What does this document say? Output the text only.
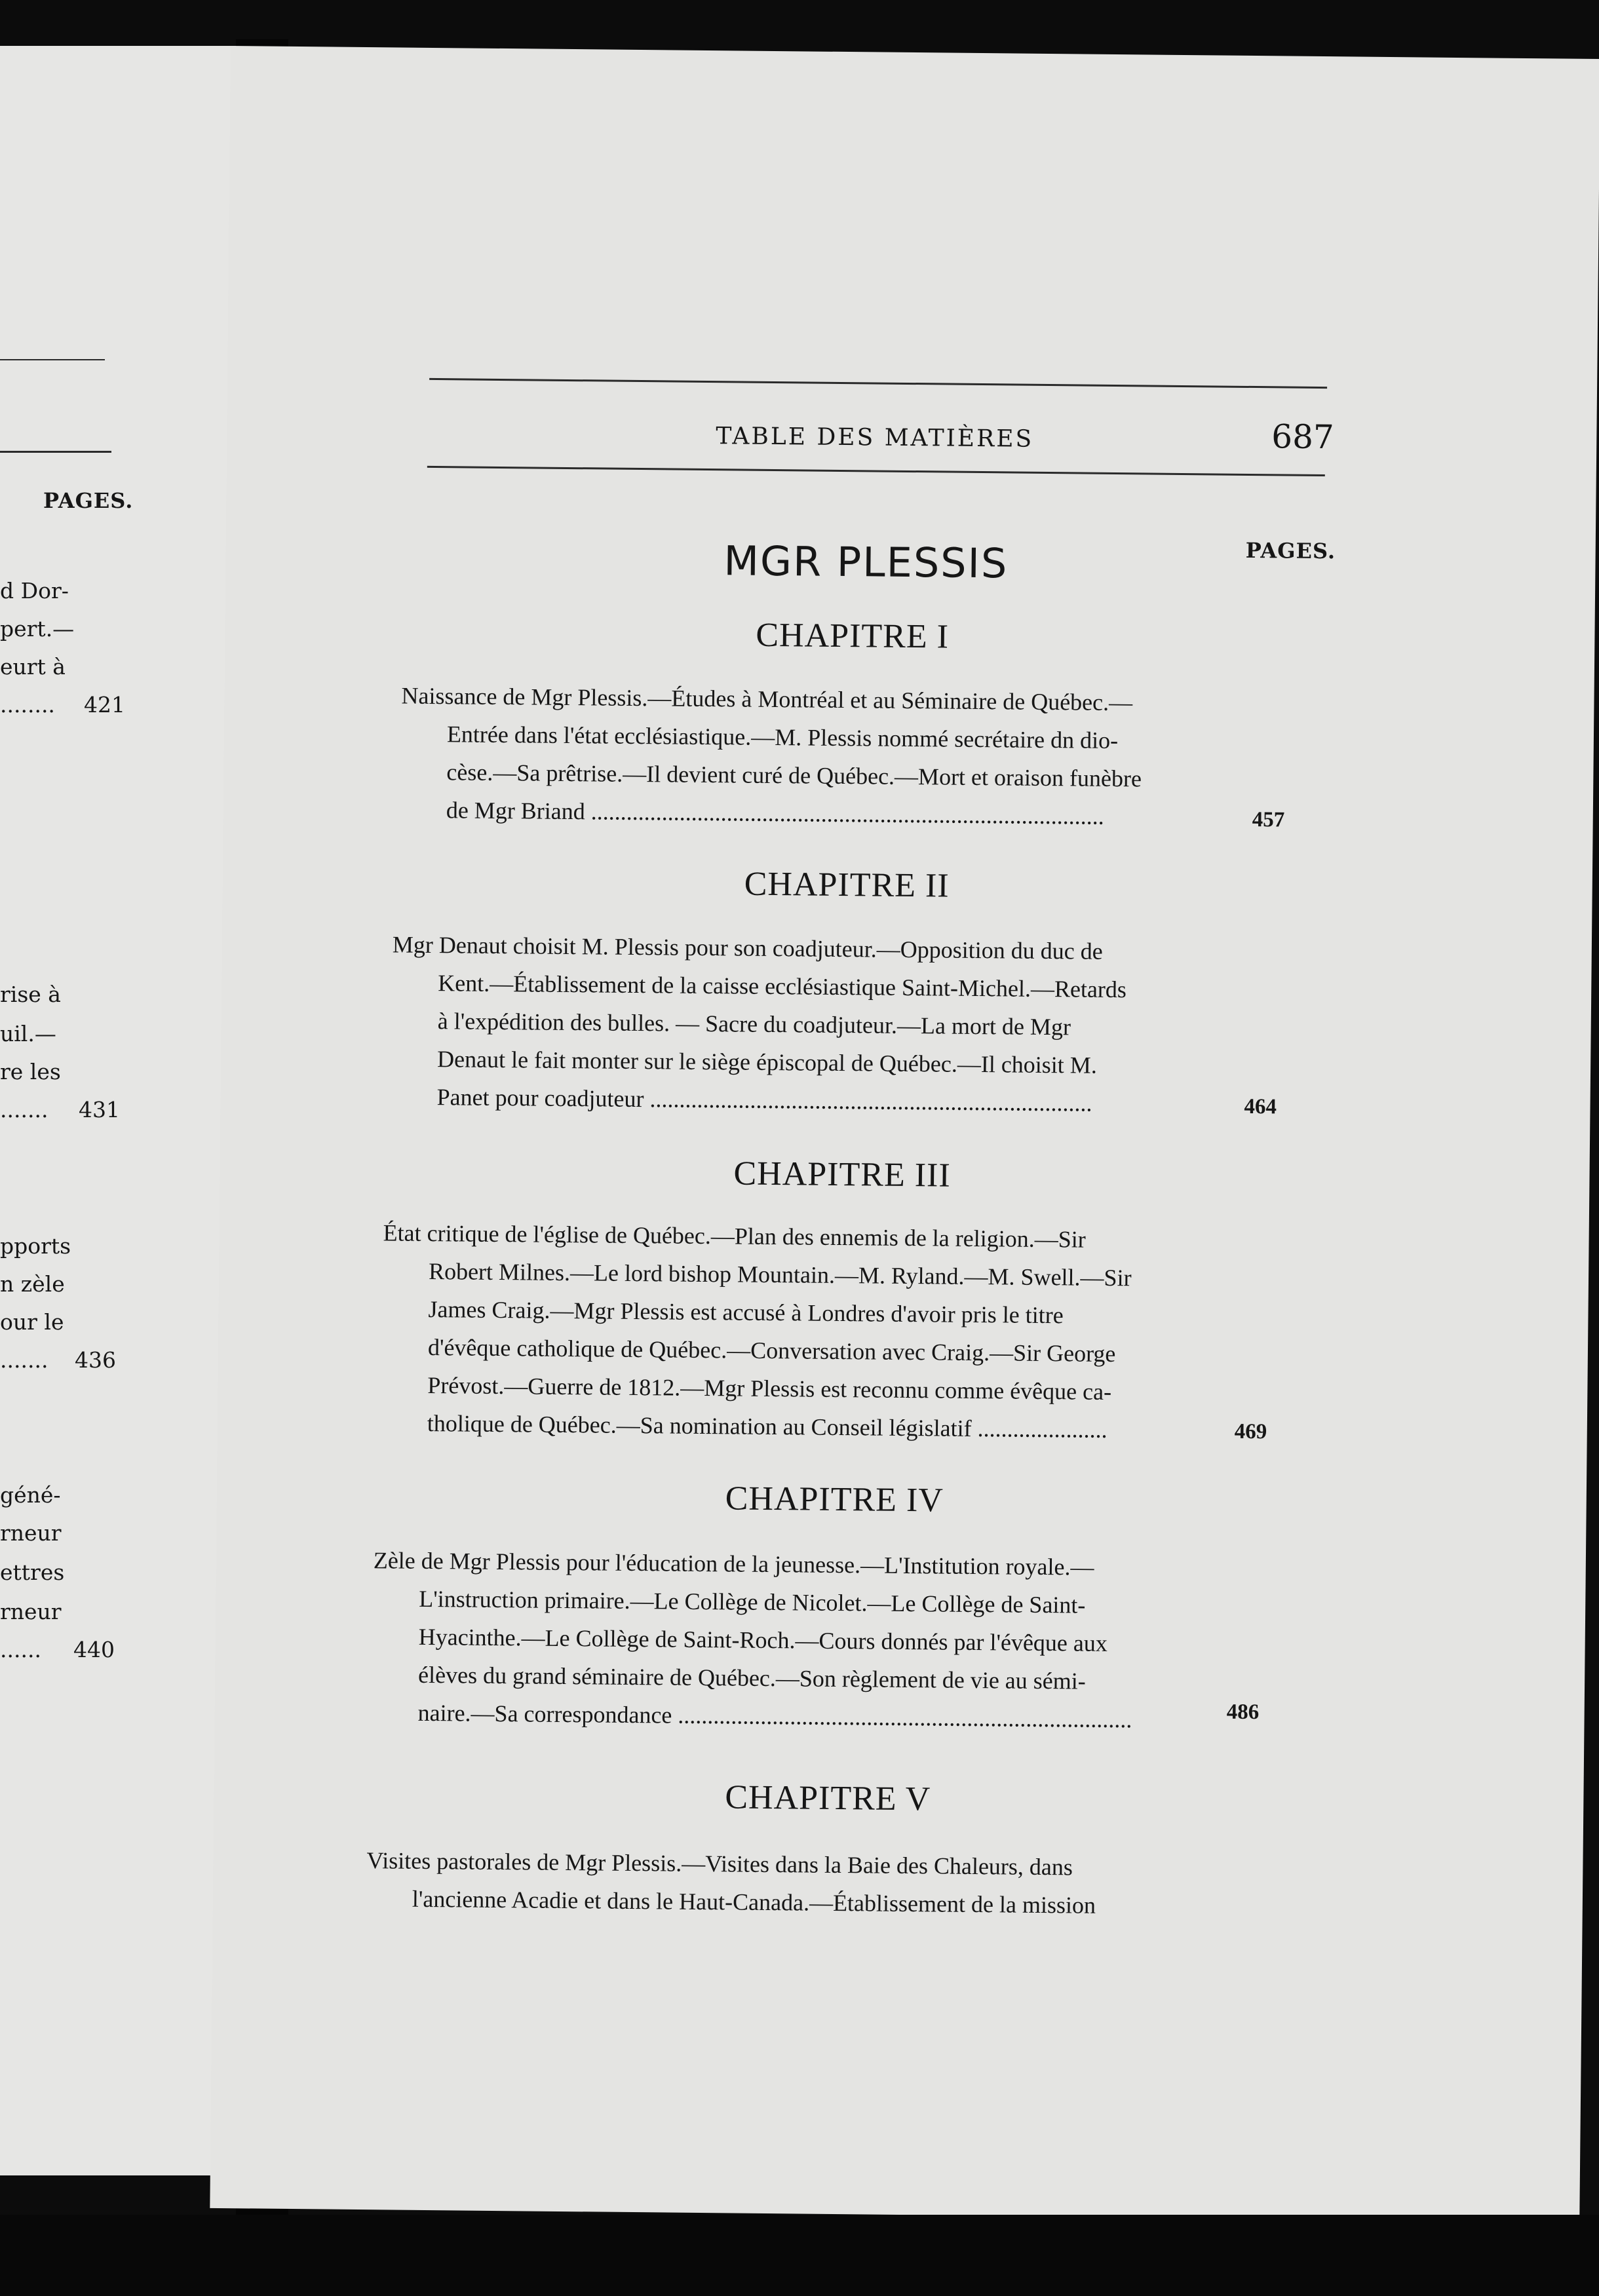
PAGES.
d Dor-
pert.—
eurt à
........ 421
rise à
uil.—
re les
....... 431
pports
n zèle
our le
....... 436
géné-
rneur
ettres
rneur
...... 440
TABLE DES MATIÈRES	687
MGR PLESSIS	PAGES.
CHAPITRE I
Naissance de Mgr Plessis.—Études à Montréal et au Séminaire de Québec.—
Entrée dans l'état ecclésiastique.—M. Plessis nommé secrétaire dn dio-
cèse.—Sa prêtrise.—Il devient curé de Québec.—Mort et oraison funèbre
de Mgr Briand .......................................................................................	457
CHAPITRE II
Mgr Denaut choisit M. Plessis pour son coadjuteur.—Opposition du duc de
Kent.—Établissement de la caisse ecclésiastique Saint-Michel.—Retards
à l'expédition des bulles. — Sacre du coadjuteur.—La mort de Mgr
Denaut le fait monter sur le siège épiscopal de Québec.—Il choisit M.
Panet pour coadjuteur ...........................................................................	464
CHAPITRE III
État critique de l'église de Québec.—Plan des ennemis de la religion.—Sir
Robert Milnes.—Le lord bishop Mountain.—M. Ryland.—M. Swell.—Sir
James Craig.—Mgr Plessis est accusé à Londres d'avoir pris le titre
d'évêque catholique de Québec.—Conversation avec Craig.—Sir George
Prévost.—Guerre de 1812.—Mgr Plessis est reconnu comme évêque ca-
tholique de Québec.—Sa nomination au Conseil législatif ......................	469
CHAPITRE IV
Zèle de Mgr Plessis pour l'éducation de la jeunesse.—L'Institution royale.—
L'instruction primaire.—Le Collège de Nicolet.—Le Collège de Saint-
Hyacinthe.—Le Collège de Saint-Roch.—Cours donnés par l'évêque aux
élèves du grand séminaire de Québec.—Son règlement de vie au sémi-
naire.—Sa correspondance .............................................................................	486
CHAPITRE V
Visites pastorales de Mgr Plessis.—Visites dans la Baie des Chaleurs, dans
l'ancienne Acadie et dans le Haut-Canada.—Établissement de la mission
